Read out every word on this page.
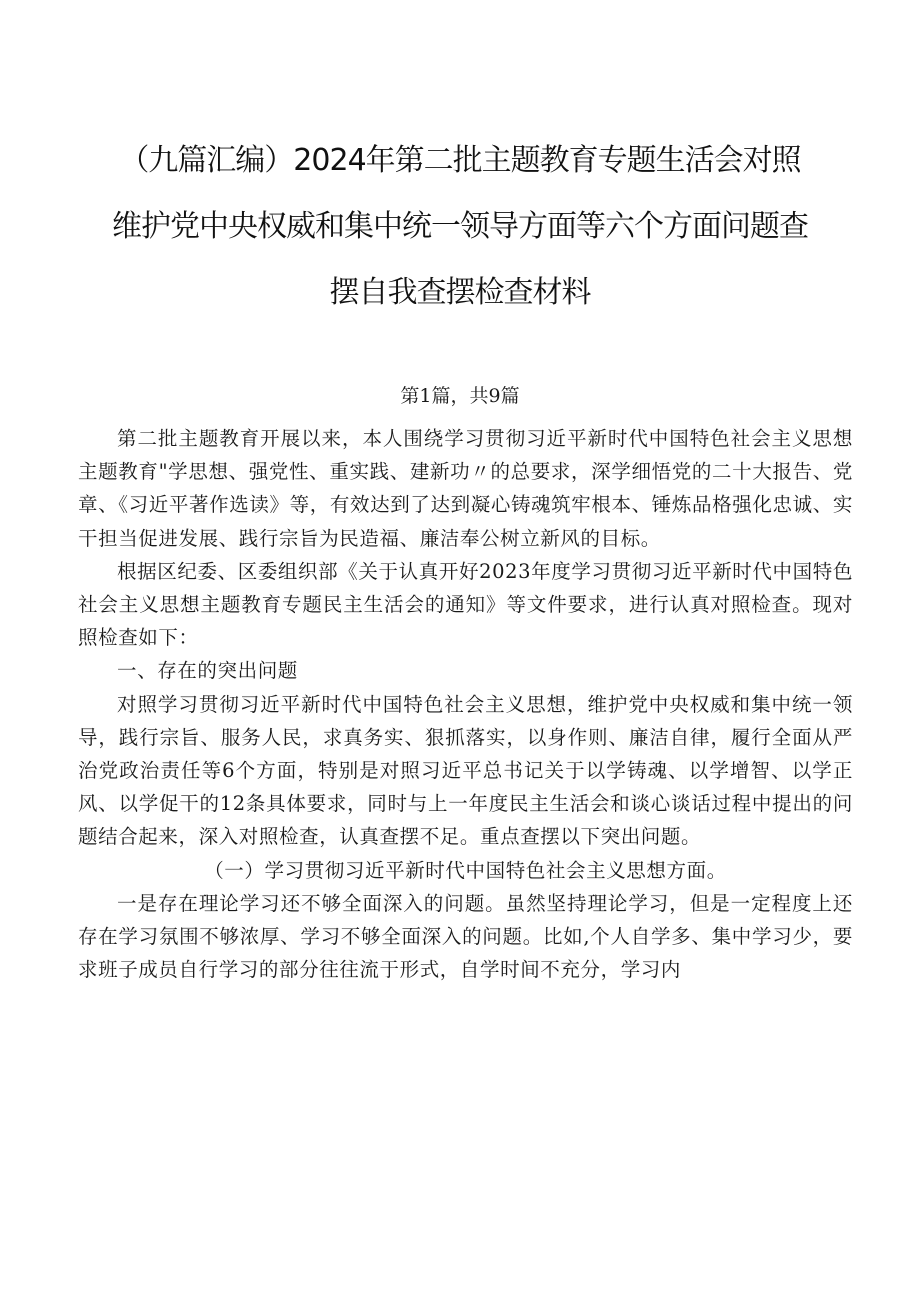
（九篇汇编）2024年第二批主题教育专题生活会对照
维护党中央权威和集中统一领导方面等六个方面问题查
摆自我查摆检查材料
第1篇，共9篇

第二批主题教育开展以来，本人围绕学习贯彻习近平新时代中国特色社会主义思想主题教育"学思想、强党性、重实践、建新功〃的总要求，深学细悟党的二十大报告、党章、《习近平著作选读》等，有效达到了达到凝心铸魂筑牢根本、锤炼品格强化忠诚、实干担当促进发展、践行宗旨为民造福、廉洁奉公树立新风的目标。

根据区纪委、区委组织部《关于认真开好2023年度学习贯彻习近平新时代中国特色社会主义思想主题教育专题民主生活会的通知》等文件要求，进行认真对照检查。现对照检查如下：

一、存在的突出问题

对照学习贯彻习近平新时代中国特色社会主义思想，维护党中央权威和集中统一领导，践行宗旨、服务人民，求真务实、狠抓落实，以身作则、廉洁自律，履行全面从严治党政治责任等6个方面，特别是对照习近平总书记关于以学铸魂、以学增智、以学正风、以学促干的12条具体要求，同时与上一年度民主生活会和谈心谈话过程中提出的问题结合起来，深入对照检查，认真查摆不足。重点查摆以下突出问题。

（一）学习贯彻习近平新时代中国特色社会主义思想方面。

一是存在理论学习还不够全面深入的问题。虽然坚持理论学习，但是一定程度上还存在学习氛围不够浓厚、学习不够全面深入的问题。比如,个人自学多、集中学习少，要求班子成员自行学习的部分往往流于形式，自学时间不充分，学习内
